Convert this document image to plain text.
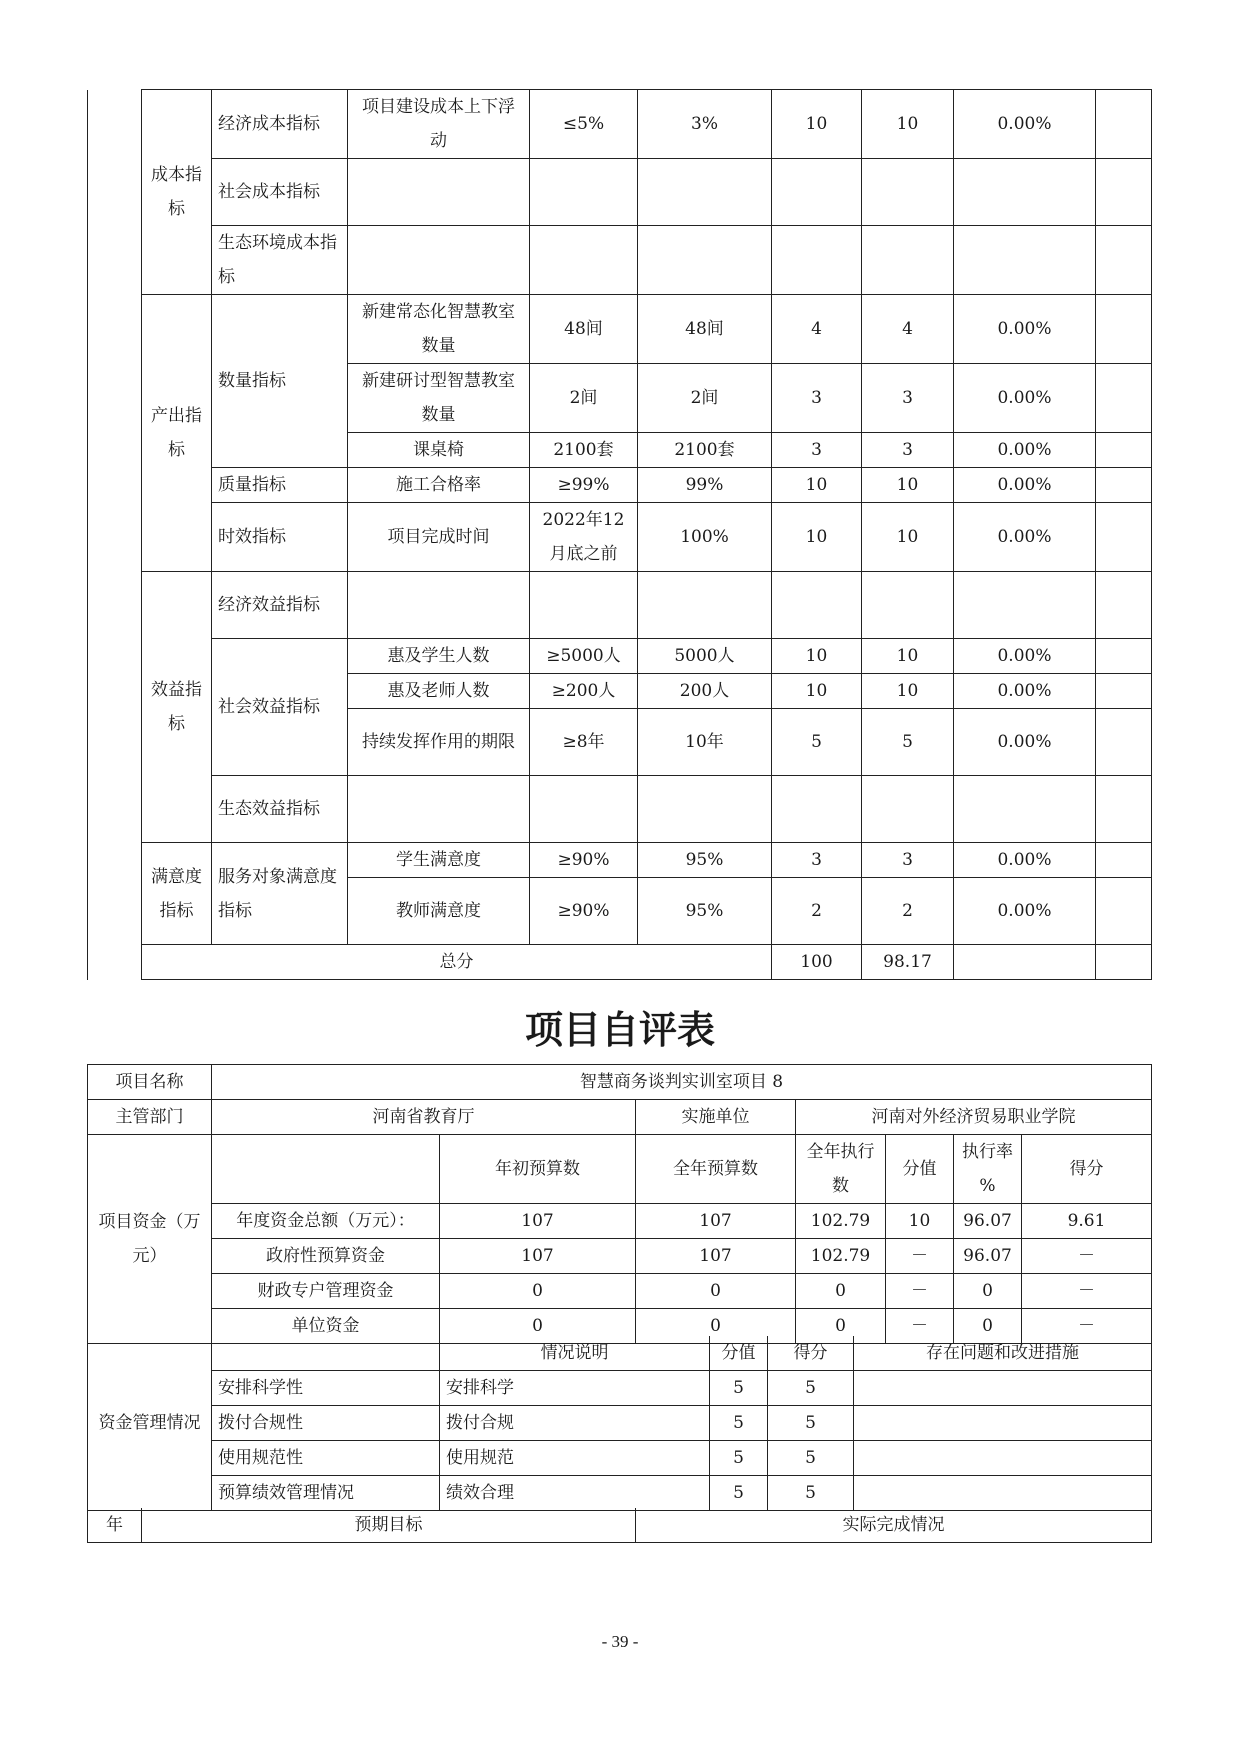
	成本指标	经济成本指标	项目建设成本上下浮动	≤5%	3%	10	10	0.00%	
		社会成本指标							
		生态环境成本指标							
	产出指标	数量指标	新建常态化智慧教室数量	48间	48间	4	4	0.00%	
			新建研讨型智慧教室数量	2间	2间	3	3	0.00%	
			课桌椅	2100套	2100套	3	3	0.00%	
		质量指标	施工合格率	≥99%	99%	10	10	0.00%	
		时效指标	项目完成时间	2022年12月底之前	100%	10	10	0.00%	
	效益指标	经济效益指标							
		社会效益指标	惠及学生人数	≥5000人	5000人	10	10	0.00%	
			惠及老师人数	≥200人	200人	10	10	0.00%	
			持续发挥作用的期限	≥8年	10年	5	5	0.00%	
		生态效益指标							
	满意度指标	服务对象满意度指标	学生满意度	≥90%	95%	3	3	0.00%	
			教师满意度	≥90%	95%	2	2	0.00%	
	总分					100	98.17		
项目自评表
项目名称	智慧商务谈判实训室项目 8						
主管部门	河南省教育厅		实施单位	河南对外经济贸易职业学院			
项目资金（万元）		年初预算数	全年预算数	全年执行数	分值	执行率 %	得分
	年度资金总额（万元）：	107	107	102.79	10	96.07	9.61
	政府性预算资金	107	107	102.79	－	96.07	－
	财政专户管理资金	0	0	0	－	0	－
	单位资金	0	0	0	－	0	－
资金管理情况		情况说明	分值	得分	存在问题和改进措施
	安排科学性	安排科学	5	5	
	拨付合规性	拨付合规	5	5	
	使用规范性	使用规范	5	5	
	预算绩效管理情况	绩效合理	5	5	
年	预期目标	实际完成情况
- 39 -
